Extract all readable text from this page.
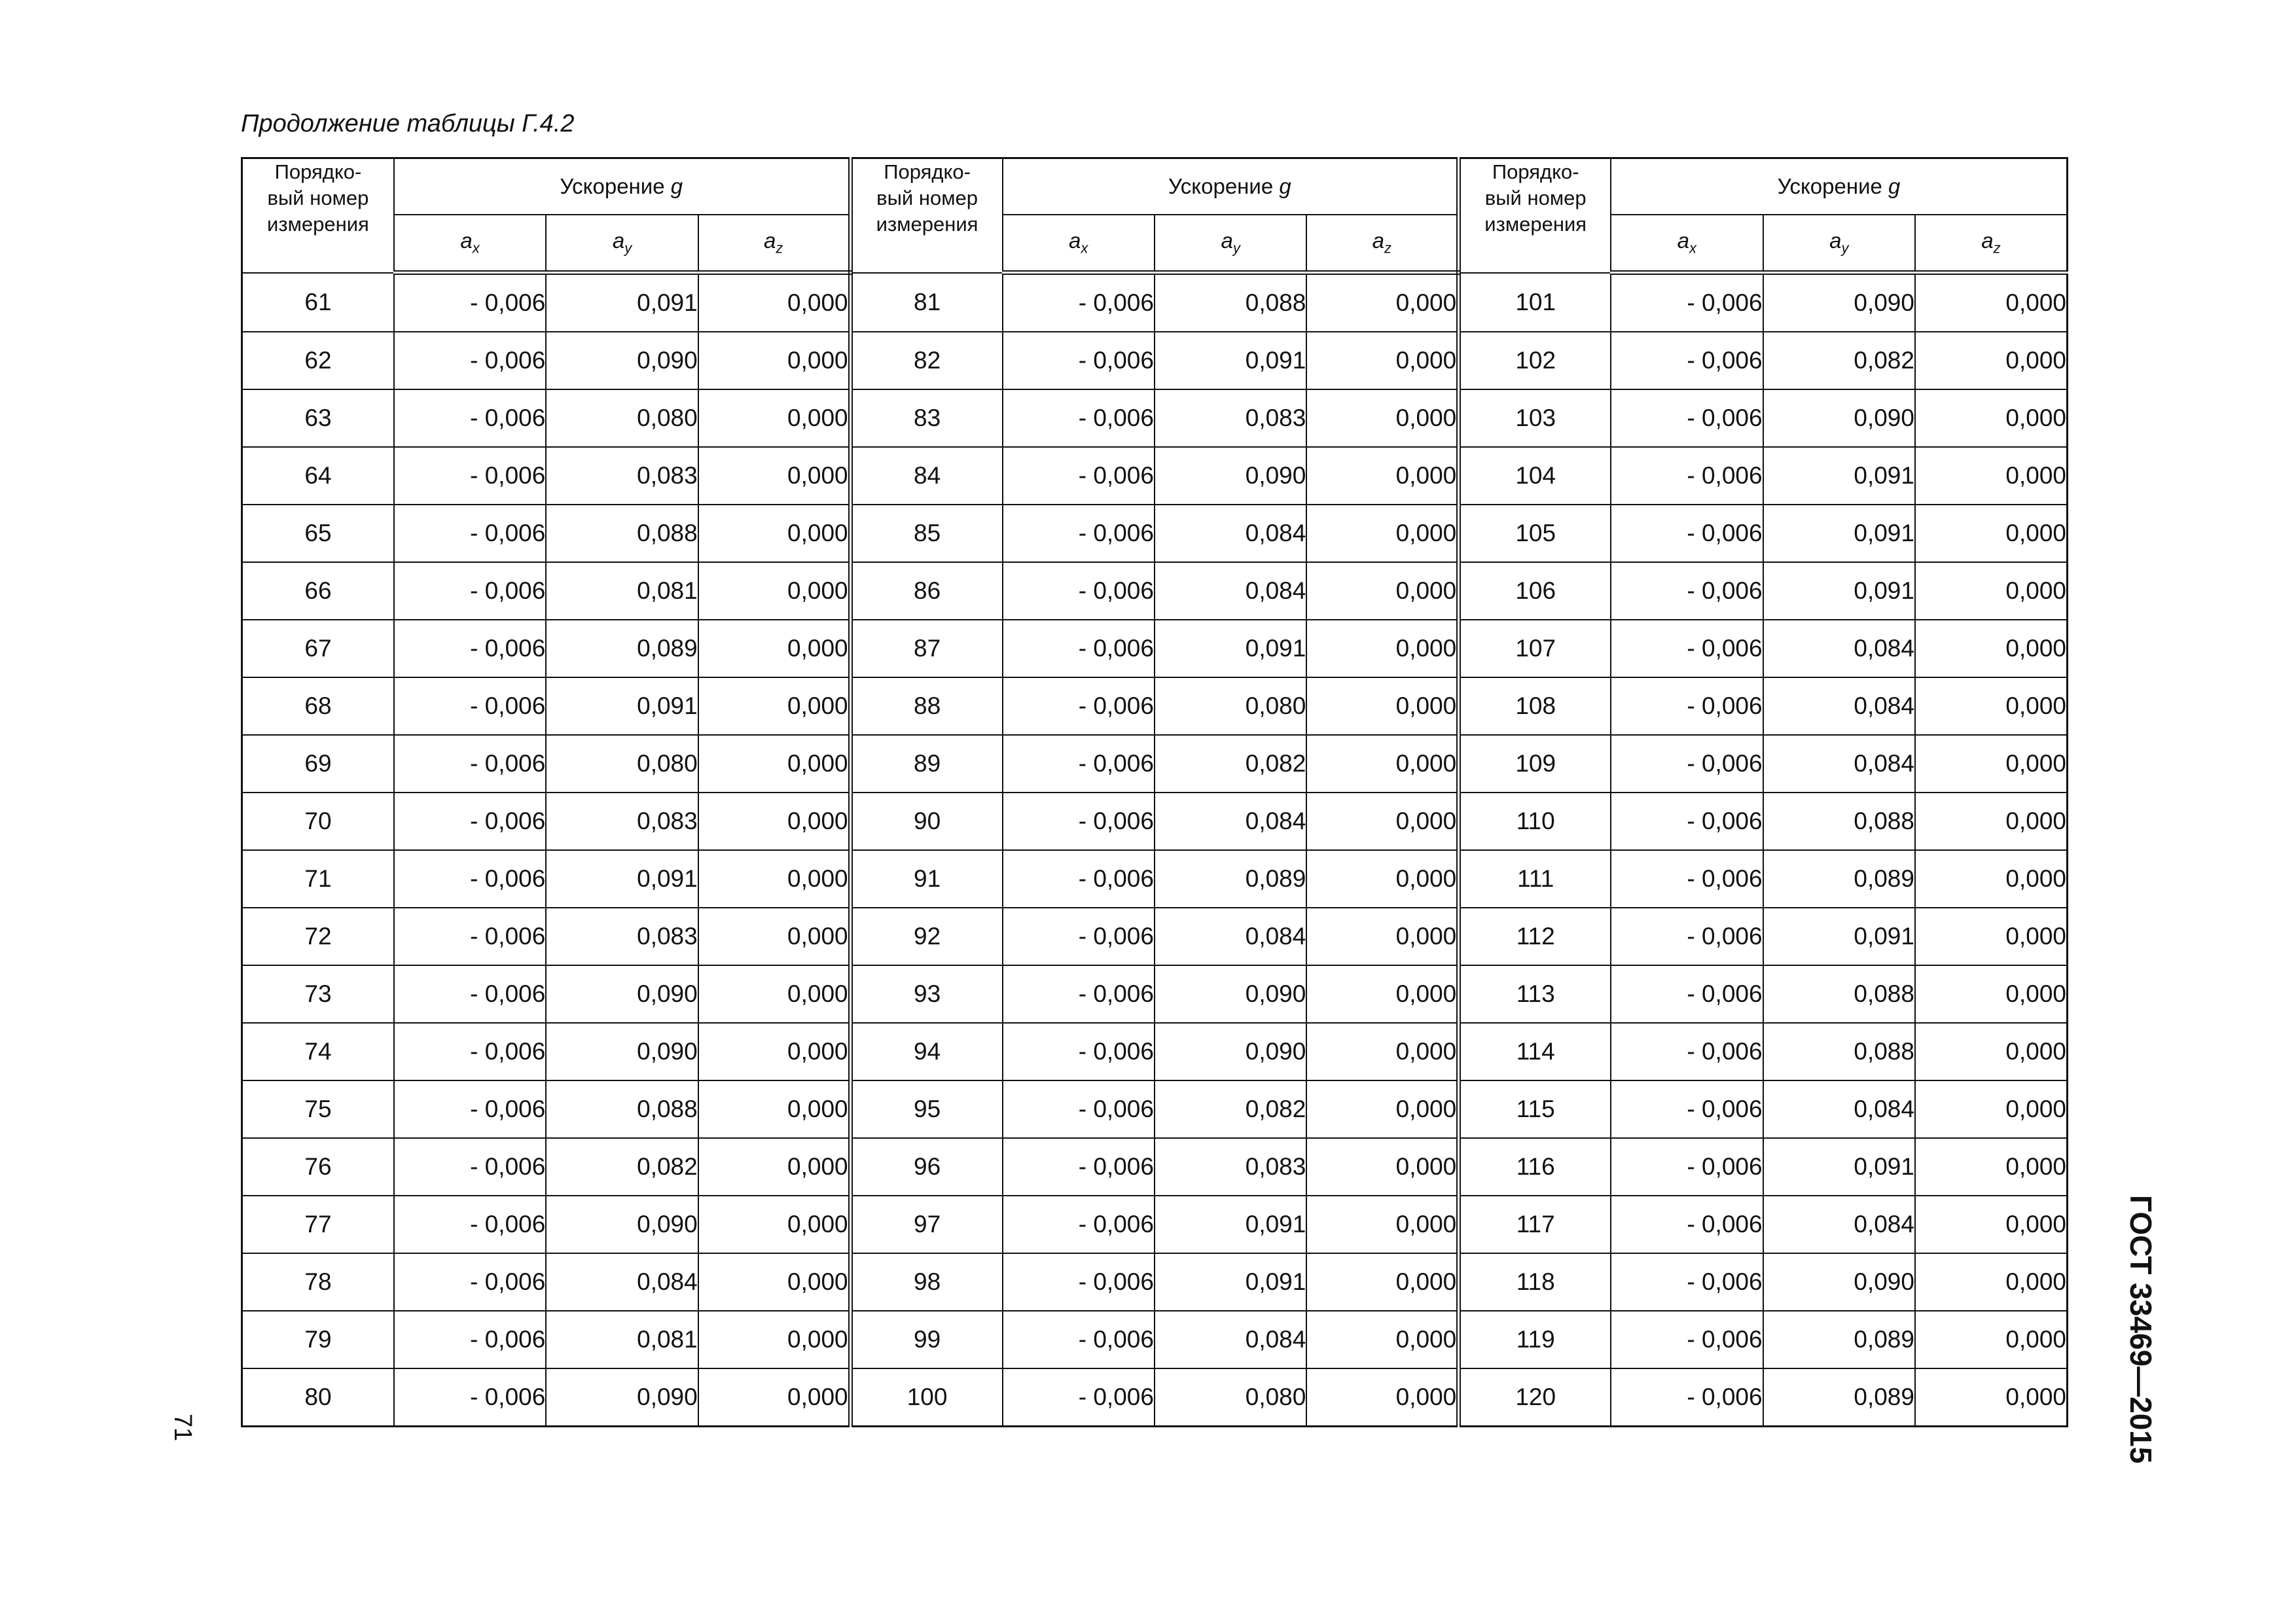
Продолжение таблицы Г.4.2
Порядко-
вый номер
измерения	Ускорение g			Порядко-
вый номер
измерения	Ускорение g			Порядко-
вый номер
измерения	Ускорение g		
	$a_x$	$a_y$	$a_z$		$a_x$	$a_y$	$a_z$		$a_x$	$a_y$	$a_z$
61	- 0,006	0,091	0,000	81	- 0,006	0,088	0,000	101	- 0,006	0,090	0,000
62	- 0,006	0,090	0,000	82	- 0,006	0,091	0,000	102	- 0,006	0,082	0,000
63	- 0,006	0,080	0,000	83	- 0,006	0,083	0,000	103	- 0,006	0,090	0,000
64	- 0,006	0,083	0,000	84	- 0,006	0,090	0,000	104	- 0,006	0,091	0,000
65	- 0,006	0,088	0,000	85	- 0,006	0,084	0,000	105	- 0,006	0,091	0,000
66	- 0,006	0,081	0,000	86	- 0,006	0,084	0,000	106	- 0,006	0,091	0,000
67	- 0,006	0,089	0,000	87	- 0,006	0,091	0,000	107	- 0,006	0,084	0,000
68	- 0,006	0,091	0,000	88	- 0,006	0,080	0,000	108	- 0,006	0,084	0,000
69	- 0,006	0,080	0,000	89	- 0,006	0,082	0,000	109	- 0,006	0,084	0,000
70	- 0,006	0,083	0,000	90	- 0,006	0,084	0,000	110	- 0,006	0,088	0,000
71	- 0,006	0,091	0,000	91	- 0,006	0,089	0,000	111	- 0,006	0,089	0,000
72	- 0,006	0,083	0,000	92	- 0,006	0,084	0,000	112	- 0,006	0,091	0,000
73	- 0,006	0,090	0,000	93	- 0,006	0,090	0,000	113	- 0,006	0,088	0,000
74	- 0,006	0,090	0,000	94	- 0,006	0,090	0,000	114	- 0,006	0,088	0,000
75	- 0,006	0,088	0,000	95	- 0,006	0,082	0,000	115	- 0,006	0,084	0,000
76	- 0,006	0,082	0,000	96	- 0,006	0,083	0,000	116	- 0,006	0,091	0,000
77	- 0,006	0,090	0,000	97	- 0,006	0,091	0,000	117	- 0,006	0,084	0,000
78	- 0,006	0,084	0,000	98	- 0,006	0,091	0,000	118	- 0,006	0,090	0,000
79	- 0,006	0,081	0,000	99	- 0,006	0,084	0,000	119	- 0,006	0,089	0,000
80	- 0,006	0,090	0,000	100	- 0,006	0,080	0,000	120	- 0,006	0,089	0,000
71	ГОСТ 33469—2015
